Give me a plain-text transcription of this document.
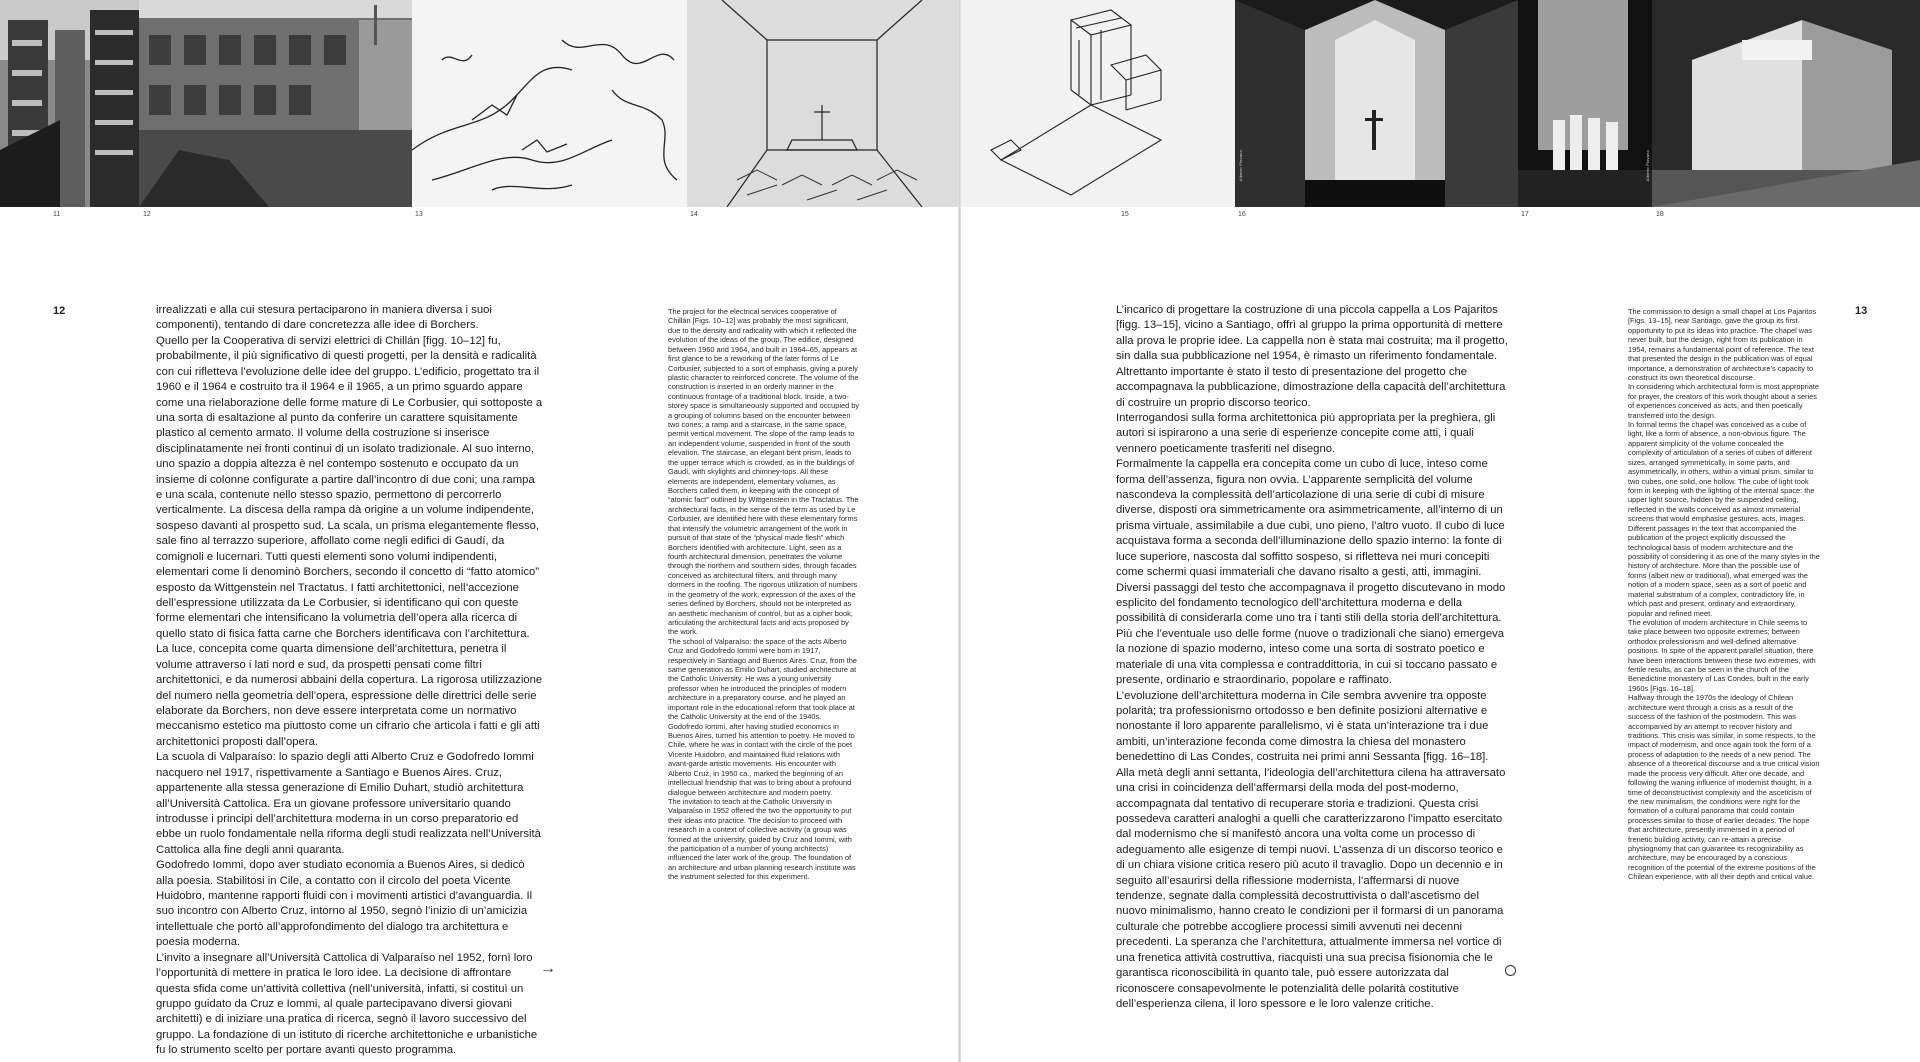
Alberto Piovano	Alberto Piovano
11	12	13	14	15	16	17	18
12	13

irrealizzati e alla cui stesura pertaciparono in maniera diversa i suoi componenti), tentando di dare concretezza alle idee di Borchers.

Quello per la Cooperativa di servizi elettrici di Chillán [figg. 10–12] fu, probabilmente, il più significativo di questi progetti, per la densità e radicalità con cui rifletteva l’evoluzione delle idee del gruppo. L’edificio, progettato tra il 1960 e il 1964 e costruito tra il 1964 e il 1965, a un primo sguardo appare come una rielaborazione delle forme mature di Le Corbusier, qui sottoposte a una sorta di esaltazione al punto da conferire un carattere squisitamente plastico al cemento armato. Il volume della costruzione si inserisce disciplinatamente nei fronti continui di un isolato tradizionale. Al suo interno, uno spazio a doppia altezza è nel contempo sostenuto e occupato da un insieme di colonne configurate a partire dall’incontro di due coni; una rampa e una scala, contenute nello stesso spazio, permettono di percorrerlo verticalmente. La discesa della rampa dà origine a un volume indipendente, sospeso davanti al prospetto sud. La scala, un prisma elegantemente flesso, sale fino al terrazzo superiore, affollato come negli edifici di Gaudí, da comignoli e lucernari. Tutti questi elementi sono volumi indipendenti, elementari come li denominò Borchers, secondo il concetto di “fatto atomico” esposto da Wittgenstein nel Tractatus. I fatti architettonici, nell’accezione dell’espressione utilizzata da Le Corbusier, si identificano qui con queste forme elementari che intensificano la volumetria dell’opera alla ricerca di quello stato di fisica fatta carne che Borchers identificava con l’architettura. La luce, concepita come quarta dimensione dell’architettura, penetra il volume attraverso i lati nord e sud, da prospetti pensati come filtri architettonici, e da numerosi abbaini della copertura. La rigorosa utilizzazione del numero nella geometria dell’opera, espressione delle direttrici delle serie elaborate da Borchers, non deve essere interpretata come un normativo meccanismo estetico ma piuttosto come un cifrario che articola i fatti e gli atti architettonici proposti dall’opera.

La scuola di Valparaíso: lo spazio degli atti Alberto Cruz e Godofredo Iommi nacquero nel 1917, rispettivamente a Santiago e Buenos Aires. Cruz, appartenente alla stessa generazione di Emilio Duhart, studiò architettura all’Università Cattolica. Era un giovane professore universitario quando introdusse i principi dell’architettura moderna in un corso preparatorio ed ebbe un ruolo fondamentale nella riforma degli studi realizzata nell’Università Cattolica alla fine degli anni quaranta.

Godofredo Iommi, dopo aver studiato economia a Buenos Aires, si dedicò alla poesia. Stabilitosi in Cile, a contatto con il circolo del poeta Vicente Huidobro, mantenne rapporti fluidi con i movimenti artistici d’avanguardia. Il suo incontro con Alberto Cruz, intorno al 1950, segnò l’inizio di un’amicizia intellettuale che portò all’approfondimento del dialogo tra architettura e poesia moderna.

L’invito a insegnare all’Università Cattolica di Valparaíso nel 1952, fornì loro l’opportunità di mettere in pratica le loro idee. La decisione di affrontare questa sfida come un’attività collettiva (nell’università, infatti, si costituì un gruppo guidato da Cruz e Iommi, al quale partecipavano diversi giovani architetti) e di iniziare una pratica di ricerca, segnò il lavoro successivo del gruppo. La fondazione di un istituto di ricerche architettoniche e urbanistiche fu lo strumento scelto per portare avanti questo programma.

→

The project for the electrical services cooperative of Chillán [Figs. 10–12] was probably the most significant, due to the density and radicality with which it reflected the evolution of the ideas of the group. The edifice, designed between 1960 and 1964, and built in 1964–65, appears at first glance to be a reworking of the later forms of Le Corbusier, subjected to a sort of emphasis, giving a purely plastic character to reinforced concrete. The volume of the construction is inserted in an orderly manner in the continuous frontage of a traditional block. Inside, a two-storey space is simultaneously supported and occupied by a grouping of columns based on the encounter between two cones; a ramp and a staircase, in the same space, permit vertical movement. The slope of the ramp leads to an independent volume, suspended in front of the south elevation. The staircase, an elegant bent prism, leads to the upper terrace which is crowded, as in the buildings of Gaudí, with skylights and chimney-tops. All these elements are independent, elementary volumes, as Borchers called them, in keeping with the concept of “atomic fact” outlined by Wittgenstein in the Tractatus. The architectural facts, in the sense of the term as used by Le Corbusier, are identified here with these elementary forms that intensify the volumetric arrangement of the work in pursuit of that state of the “physical made flesh” which Borchers identified with architecture. Light, seen as a fourth architectural dimension, penetrates the volume through the northern and southern sides, through facades conceived as architectural filters, and through many dormers in the roofing. The rigorous utilization of numbers in the geometry of the work, expression of the axes of the series defined by Borchers, should not be interpreted as an aesthetic mechanism of control, but as a cipher book, articulating the architectural facts and acts proposed by the work.

The school of Valparaíso: the space of the acts Alberto Cruz and Godofredo Iommi were born in 1917, respectively in Santiago and Buenos Aires. Cruz, from the same generation as Emilio Duhart, studied architecture at the Catholic University. He was a young university professor when he introduced the principles of modern architecture in a preparatory course, and he played an important role in the educational reform that took place at the Catholic University at the end of the 1940s.

Godofredo Iommi, after having studied economics in Buenos Aires, turned his attention to poetry. He moved to Chile, where he was in contact with the circle of the poet Vicente Huidobro, and maintained fluid relations with avant-garde artistic movements. His encounter with Alberto Cruz, in 1950 ca., marked the beginning of an intellectual friendship that was to bring about a profound dialogue between architecture and modern poetry.

The invitation to teach at the Catholic University in Valparaíso in 1952 offered the two the opportunity to put their ideas into practice. The decision to proceed with research in a context of collective activity (a group was formed at the university, guided by Cruz and Iommi, with the participation of a number of young architects) influenced the later work of the group. The foundation of an architecture and urban planning research institute was the instrument selected for this experiment.

L’incarico di progettare la costruzione di una piccola cappella a Los Pajaritos [figg. 13–15], vicino a Santiago, offrì al gruppo la prima opportunità di mettere alla prova le proprie idee. La cappella non è stata mai costruita; ma il progetto, sin dalla sua pubblicazione nel 1954, è rimasto un riferimento fondamentale. Altrettanto importante è stato il testo di presentazione del progetto che accompagnava la pubblicazione, dimostrazione della capacità dell’architettura di costruire un proprio discorso teorico.

Interrogandosi sulla forma architettonica più appropriata per la preghiera, gli autori si ispirarono a una serie di esperienze concepite come atti, i quali vennero poeticamente trasferiti nel disegno.

Formalmente la cappella era concepita come un cubo di luce, inteso come forma dell’assenza, figura non ovvia. L’apparente semplicità del volume nascondeva la complessità dell’articolazione di una serie di cubi di misure diverse, disposti ora simmetricamente ora asimmetricamente, all’interno di un prisma virtuale, assimilabile a due cubi, uno pieno, l’altro vuoto. Il cubo di luce acquistava forma a seconda dell’illuminazione dello spazio interno: la fonte di luce superiore, nascosta dal soffitto sospeso, si rifletteva nei muri concepiti come schermi quasi immateriali che davano risalto a gesti, atti, immagini.

Diversi passaggi del testo che accompagnava il progetto discutevano in modo esplicito del fondamento tecnologico dell’architettura moderna e della possibilità di considerarla come uno tra i tanti stili della storia dell’architettura. Più che l’eventuale uso delle forme (nuove o tradizionali che siano) emergeva la nozione di spazio moderno, inteso come una sorta di sostrato poetico e materiale di una vita complessa e contraddittoria, in cui si toccano passato e presente, ordinario e straordinario, popolare e raffinato.

L’evoluzione dell’architettura moderna in Cile sembra avvenire tra opposte polarità; tra professionismo ortodosso e ben definite posizioni alternative e nonostante il loro apparente parallelismo, vi è stata un’interazione tra i due ambiti, un’interazione feconda come dimostra la chiesa del monastero benedettino di Las Condes, costruita nei primi anni Sessanta [figg. 16–18].

Alla metà degli anni settanta, l’ideologia dell’architettura cilena ha attraversato una crisi in coincidenza dell’affermarsi della moda del post-moderno, accompagnata dal tentativo di recuperare storia e tradizioni. Questa crisi possedeva caratteri analoghi a quelli che caratterizzarono l’impatto esercitato dal modernismo che si manifestò ancora una volta come un processo di adeguamento alle esigenze di tempi nuovi. L’assenza di un discorso teorico e di un chiara visione critica resero più acuto il travaglio. Dopo un decennio e in seguito all’esaurirsi della riflessione modernista, l’affermarsi di nuove tendenze, segnate dalla complessità decostruttivista o dall’ascetismo del nuovo minimalismo, hanno creato le condizioni per il formarsi di un panorama culturale che potrebbe accogliere processi simili avvenuti nei decenni precedenti. La speranza che l’architettura, attualmente immersa nel vortice di una frenetica attività costruttiva, riacquisti una sua precisa fisionomia che le garantisca riconoscibilità in quanto tale, può essere autorizzata dal riconoscere consapevolmente le potenzialità delle polarità costitutive dell’esperienza cilena, il loro spessore e le loro valenze critiche.

The commission to design a small chapel at Los Pajaritos [Figs. 13–15], near Santiago, gave the group its first opportunity to put its ideas into practice. The chapel was never built, but the design, right from its publication in 1954, remains a fundamental point of reference. The text that presented the design in the publication was of equal importance, a demonstration of architecture’s capacity to construct its own theoretical discourse.

In considering which architectural form is most appropriate for prayer, the creators of this work thought about a series of experiences conceived as acts, and then poetically transferred into the design.

In formal terms the chapel was conceived as a cube of light, like a form of absence, a non-obvious figure. The apparent simplicity of the volume concealed the complexity of articulation of a series of cubes of different sizes, arranged symmetrically, in some parts, and asymmetrically, in others, within a virtual prism, similar to two cubes, one solid, one hollow. The cube of light took form in keeping with the lighting of the internal space: the upper light source, hidden by the suspended ceiling, reflected in the walls conceived as almost immaterial screens that would emphasise gestures, acts, images. Different passages in the text that accompanied the publication of the project explicitly discussed the technological basis of modern architecture and the possibility of considering it as one of the many styles in the history of architecture. More than the possible use of forms (albeit new or traditional), what emerged was the notion of a modern space, seen as a sort of poetic and material substratum of a complex, contradictory life, in which past and present, ordinary and extraordinary, popular and refined meet.

The evolution of modern architecture in Chile seems to take place between two opposite extremes; between orthodox professionism and well-defined alternative positions. In spite of the apparent parallel situation, there have been interactions between these two extremes, with fertile results, as can be seen in the church of the Benedictine monastery of Las Condes, built in the early 1960s [Figs. 16–18].

Halfway through the 1970s the ideology of Chilean architecture went through a crisis as a result of the success of the fashion of the postmodern. This was accompanied by an attempt to recover history and traditions. This crisis was similar, in some respects, to the impact of modernism, and once again took the form of a process of adaptation to the needs of a new period. The absence of a theoretical discourse and a true critical vision made the process very difficult. After one decade, and following the waning influence of modernist thought, in a time of deconstructivist complexity and the asceticism of the new minimalism, the conditions were right for the formation of a cultural panorama that could contain processes similar to those of earlier decades. The hope that architecture, presently immersed in a period of frenetic building activity, can re-attain a precise physiognomy that can guarantee its recognizability as architecture, may be encouraged by a conscious recognition of the potential of the extreme positions of the Chilean experience, with all their depth and critical value.
